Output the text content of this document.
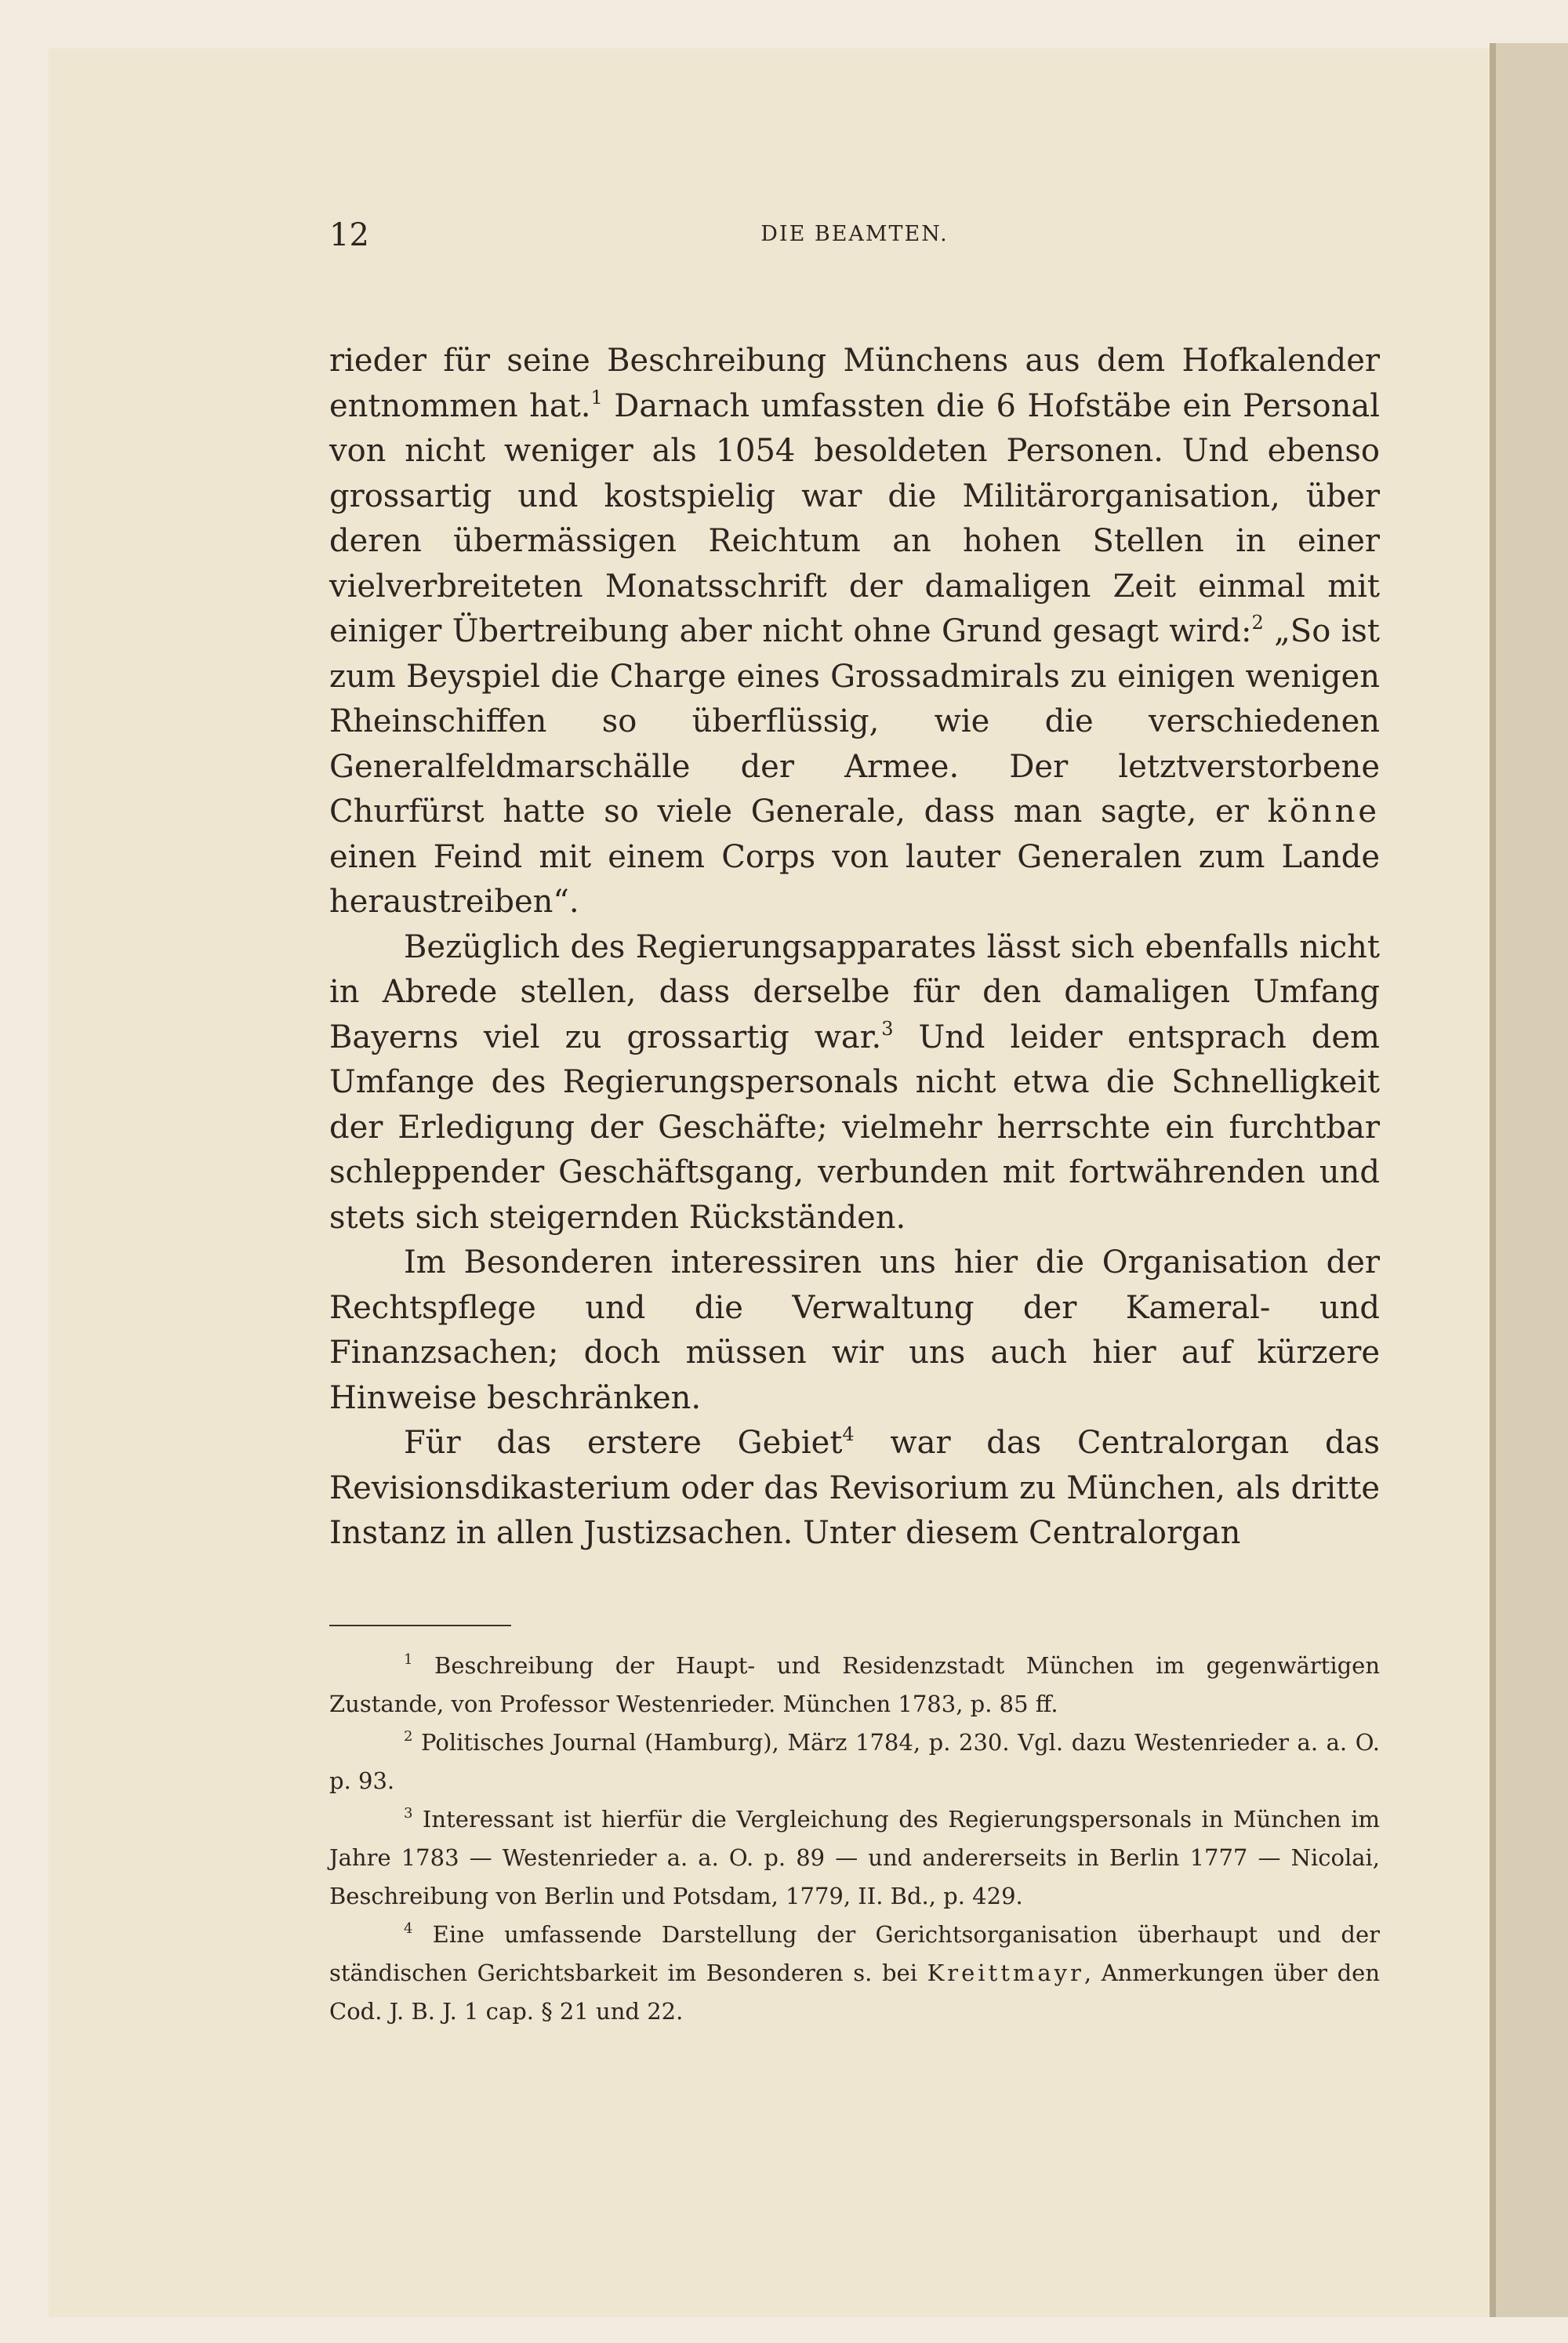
12	DIE BEAMTEN.

rieder für seine Beschreibung Münchens aus dem Hofkalender entnommen hat.$^1$ Darnach umfassten die 6 Hofstäbe ein Personal von nicht weniger als 1054 besoldeten Personen. Und ebenso grossartig und kostspielig war die Militärorganisation, über deren übermässigen Reichtum an hohen Stellen in einer vielverbreiteten Monatsschrift der damaligen Zeit einmal mit einiger Übertreibung aber nicht ohne Grund gesagt wird:$^2$ „So ist zum Beyspiel die Charge eines Grossadmirals zu einigen wenigen Rheinschiffen so überflüssig, wie die verschiedenen Generalfeldmarschälle der Armee. Der letztverstorbene Churfürst hatte so viele Generale, dass man sagte, er könne einen Feind mit einem Corps von lauter Generalen zum Lande heraustreiben“.

Bezüglich des Regierungsapparates lässt sich ebenfalls nicht in Abrede stellen, dass derselbe für den damaligen Umfang Bayerns viel zu grossartig war.$^3$ Und leider entsprach dem Umfange des Regierungspersonals nicht etwa die Schnelligkeit der Erledigung der Geschäfte; vielmehr herrschte ein furchtbar schleppender Geschäftsgang, verbunden mit fortwährenden und stets sich steigernden Rückständen.

Im Besonderen interessiren uns hier die Organisation der Rechtspflege und die Verwaltung der Kameral- und Finanzsachen; doch müssen wir uns auch hier auf kürzere Hinweise beschränken.

Für das erstere Gebiet$^4$ war das Centralorgan das Revisionsdikasterium oder das Revisorium zu München, als dritte Instanz in allen Justizsachen. Unter diesem Centralorgan

$^1$ Beschreibung der Haupt- und Residenzstadt München im gegenwärtigen Zustande, von Professor Westenrieder. München 1783, p. 85 ff.

$^2$ Politisches Journal (Hamburg), März 1784, p. 230. Vgl. dazu Westenrieder a. a. O. p. 93.

$^3$ Interessant ist hierfür die Vergleichung des Regierungspersonals in München im Jahre 1783 — Westenrieder a. a. O. p. 89 — und andererseits in Berlin 1777 — Nicolai, Beschreibung von Berlin und Potsdam, 1779, II. Bd., p. 429.

$^4$ Eine umfassende Darstellung der Gerichtsorganisation überhaupt und der ständischen Gerichtsbarkeit im Besonderen s. bei Kreittmayr, Anmerkungen über den Cod. J. B. J. 1 cap. § 21 und 22.
